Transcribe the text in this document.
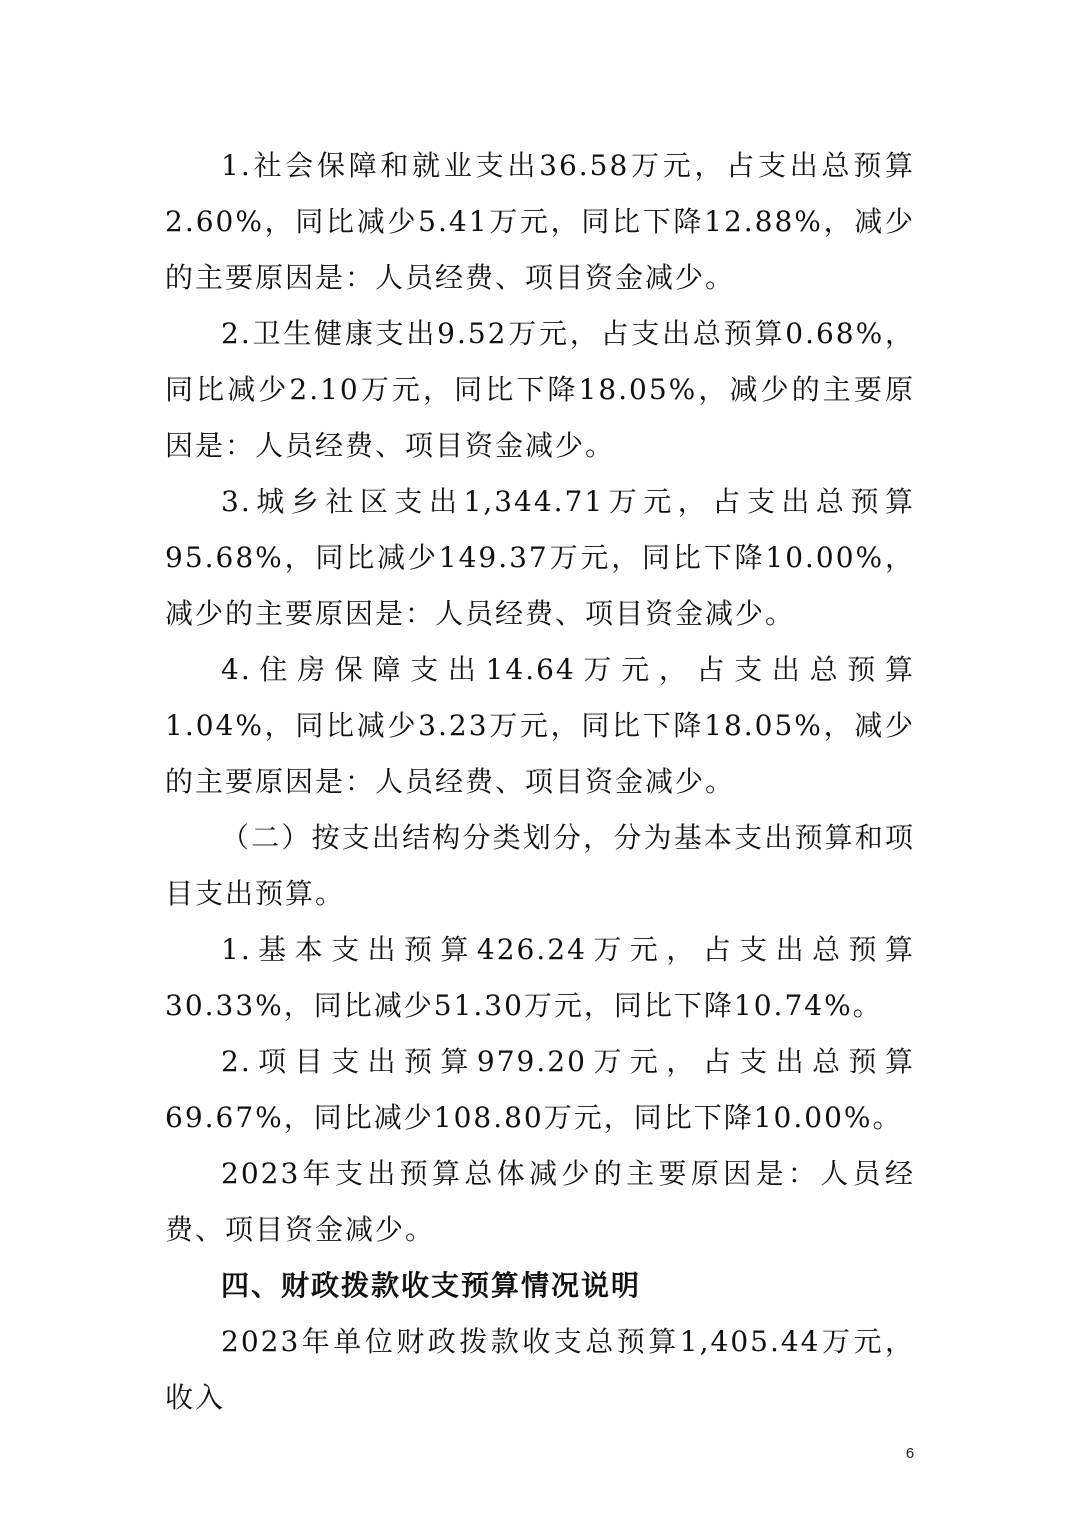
1.社会保障和就业支出36.58万元，占支出总预算2.60%，同比减少5.41万元，同比下降12.88%，减少的主要原因是：人员经费、项目资金减少。

2.卫生健康支出9.52万元，占支出总预算0.68%，同比减少2.10万元，同比下降18.05%，减少的主要原因是：人员经费、项目资金减少。

3.城乡社区支出1,344.71万元，占支出总预算95.68%，同比减少149.37万元，同比下降10.00%，减少的主要原因是：人员经费、项目资金减少。

4.住房保障支出14.64万元，占支出总预算1.04%，同比减少3.23万元，同比下降18.05%，减少的主要原因是：人员经费、项目资金减少。

（二）按支出结构分类划分，分为基本支出预算和项目支出预算。

1.基本支出预算426.24万元，占支出总预算30.33%，同比减少51.30万元，同比下降10.74%。

2.项目支出预算979.20万元，占支出总预算69.67%，同比减少108.80万元，同比下降10.00%。

2023年支出预算总体减少的主要原因是：人员经费、项目资金减少。

四、财政拨款收支预算情况说明

2023年单位财政拨款收支总预算1,405.44万元，收入

6
